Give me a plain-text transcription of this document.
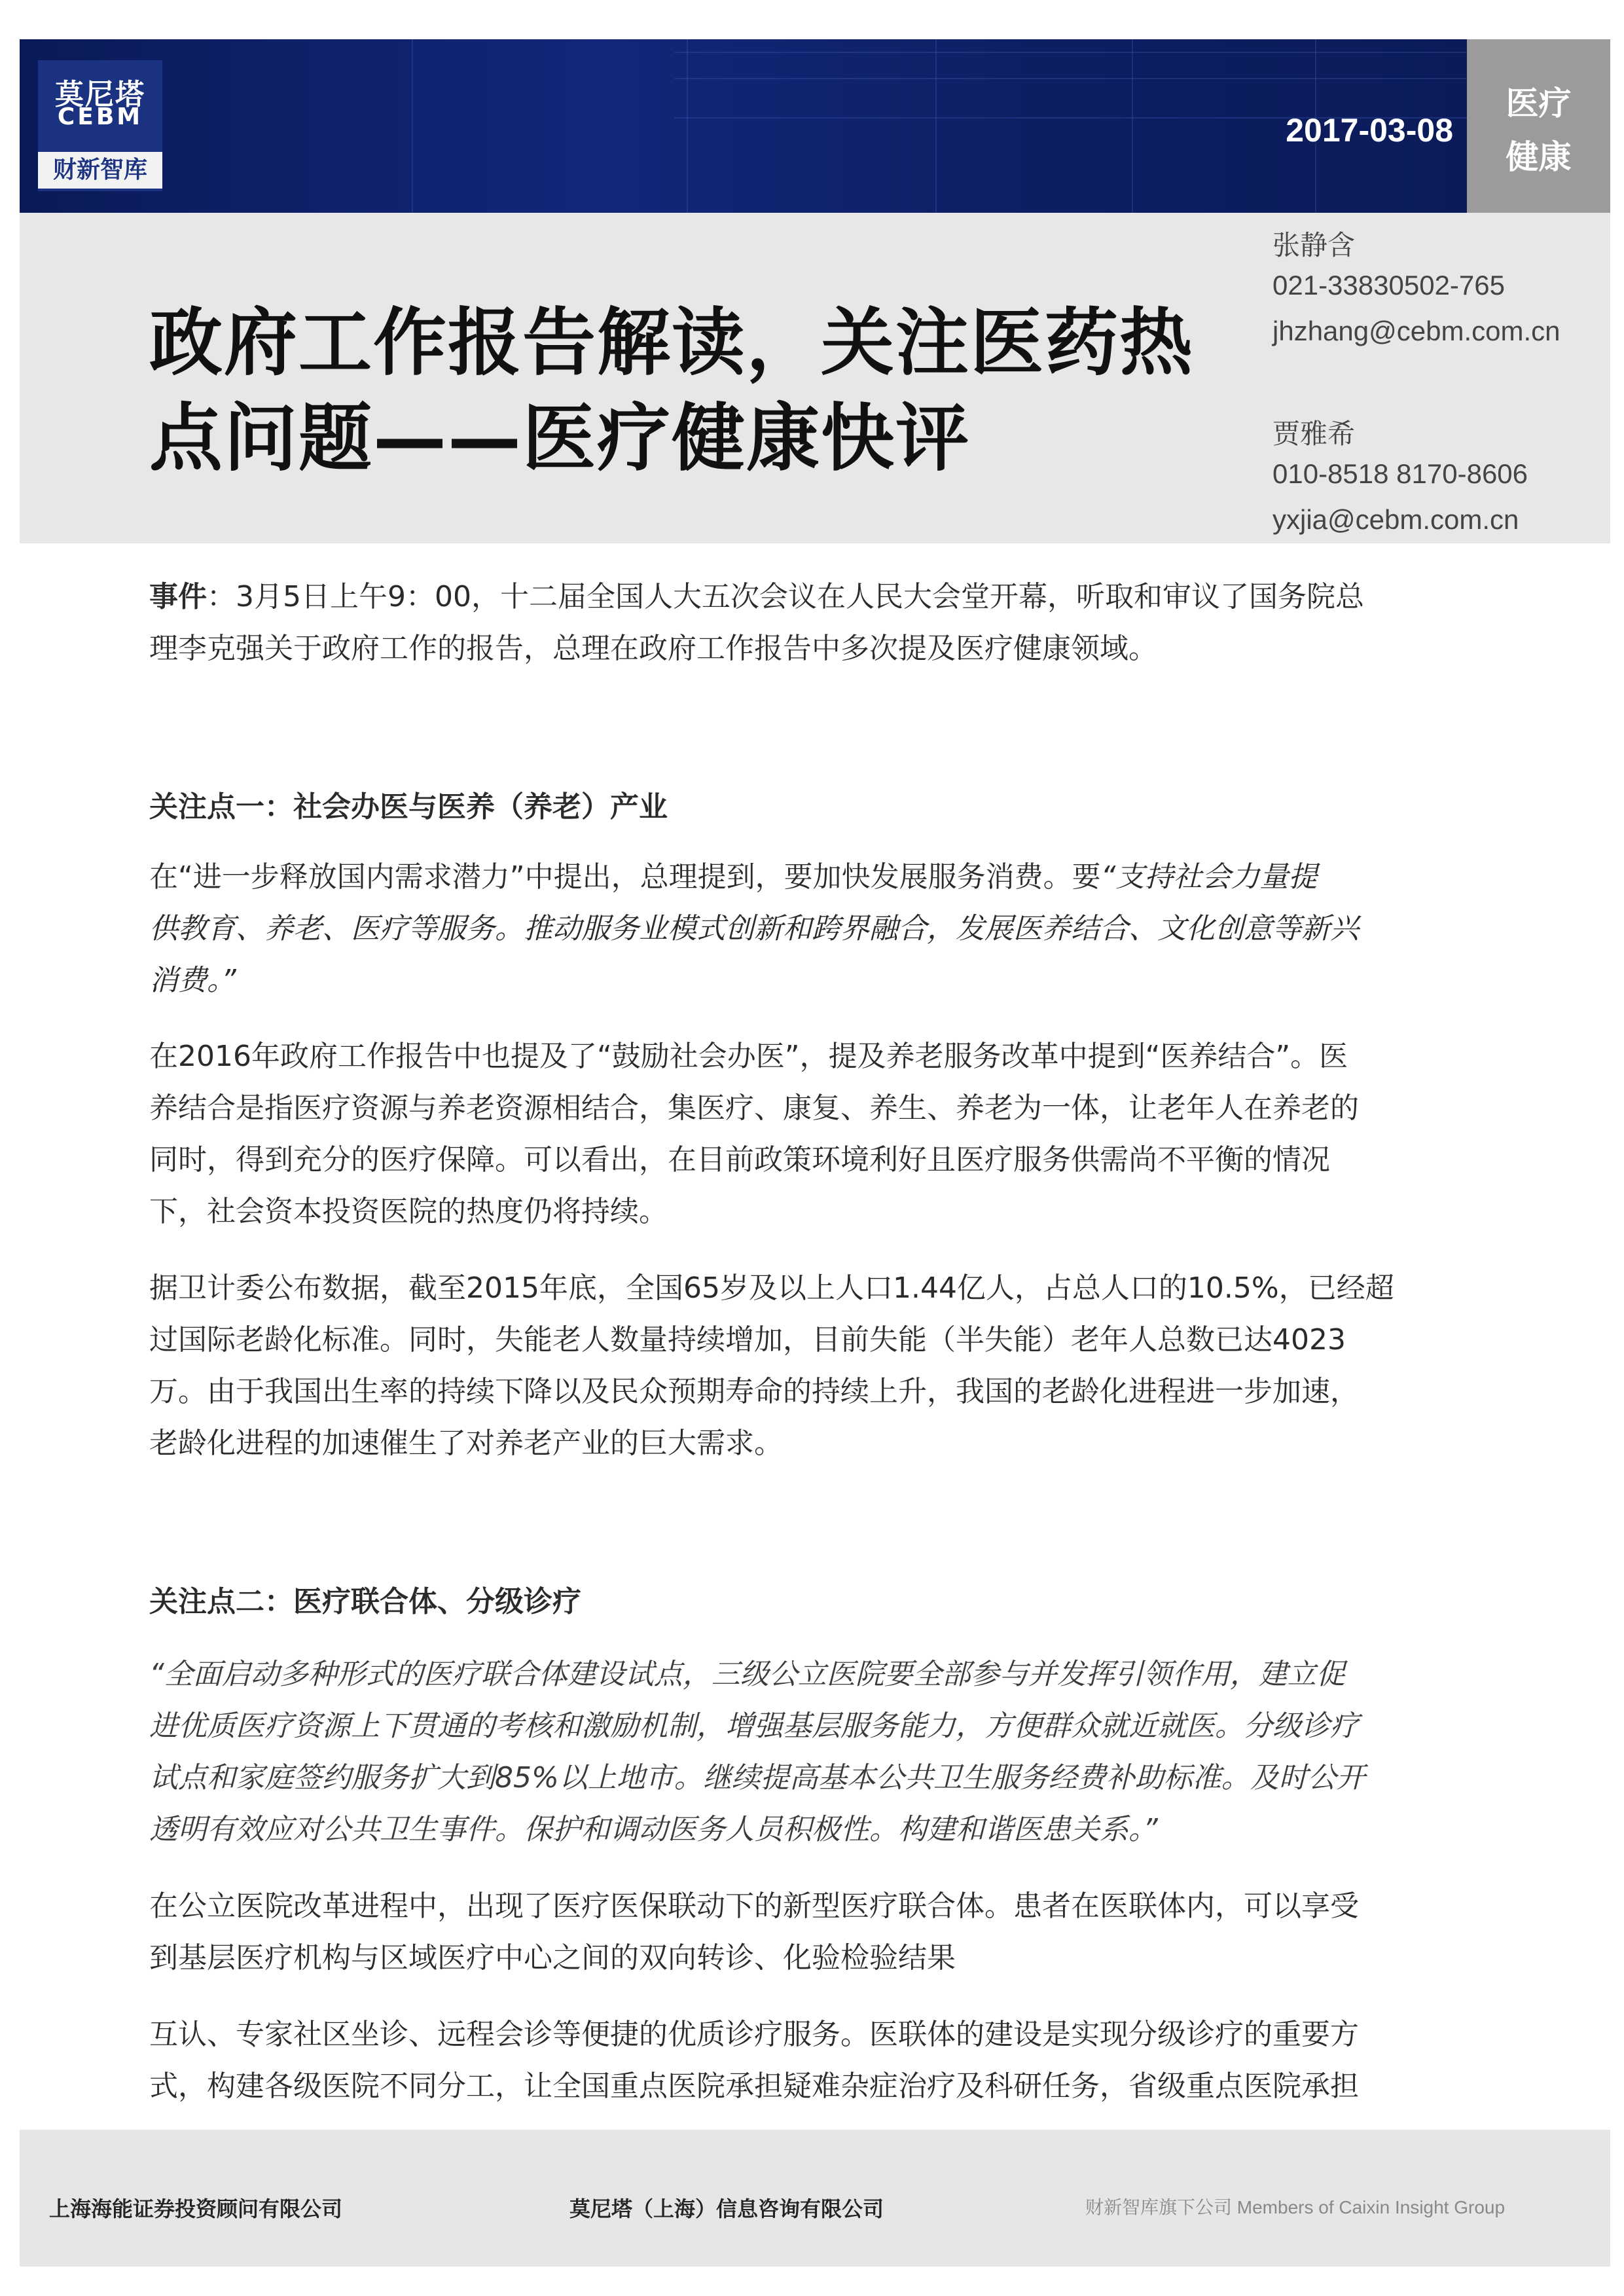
莫尼塔
CEBM
财新智库
2017-03-08
医疗
健康
政府工作报告解读，关注医药热
点问题——医疗健康快评
张静含
021-33830502-765
jhzhang@cebm.com.cn
贾雅希
010-8518 8170-8606
yxjia@cebm.com.cn
事件：3月5日上午9：00，十二届全国人大五次会议在人民大会堂开幕，听取和审议了国务院总
理李克强关于政府工作的报告，总理在政府工作报告中多次提及医疗健康领域。
关注点一：社会办医与医养（养老）产业
在“进一步释放国内需求潜力”中提出，总理提到，要加快发展服务消费。要“支持社会力量提
供教育、养老、医疗等服务。推动服务业模式创新和跨界融合，发展医养结合、文化创意等新兴
消费。”
在2016年政府工作报告中也提及了“鼓励社会办医”，提及养老服务改革中提到“医养结合”。医
养结合是指医疗资源与养老资源相结合，集医疗、康复、养生、养老为一体，让老年人在养老的
同时，得到充分的医疗保障。可以看出，在目前政策环境利好且医疗服务供需尚不平衡的情况
下，社会资本投资医院的热度仍将持续。
据卫计委公布数据，截至2015年底，全国65岁及以上人口1.44亿人，占总人口的10.5%，已经超
过国际老龄化标准。同时，失能老人数量持续增加，目前失能（半失能）老年人总数已达4023
万。由于我国出生率的持续下降以及民众预期寿命的持续上升，我国的老龄化进程进一步加速，
老龄化进程的加速催生了对养老产业的巨大需求。
关注点二：医疗联合体、分级诊疗
“全面启动多种形式的医疗联合体建设试点，三级公立医院要全部参与并发挥引领作用，建立促
进优质医疗资源上下贯通的考核和激励机制，增强基层服务能力，方便群众就近就医。分级诊疗
试点和家庭签约服务扩大到85%以上地市。继续提高基本公共卫生服务经费补助标准。及时公开
透明有效应对公共卫生事件。保护和调动医务人员积极性。构建和谐医患关系。”
在公立医院改革进程中，出现了医疗医保联动下的新型医疗联合体。患者在医联体内，可以享受
到基层医疗机构与区域医疗中心之间的双向转诊、化验检验结果
互认、专家社区坐诊、远程会诊等便捷的优质诊疗服务。医联体的建设是实现分级诊疗的重要方
式，构建各级医院不同分工，让全国重点医院承担疑难杂症治疗及科研任务，省级重点医院承担
上海海能证券投资顾问有限公司	莫尼塔（上海）信息咨询有限公司	财新智库旗下公司 Members of Caixin Insight Group
